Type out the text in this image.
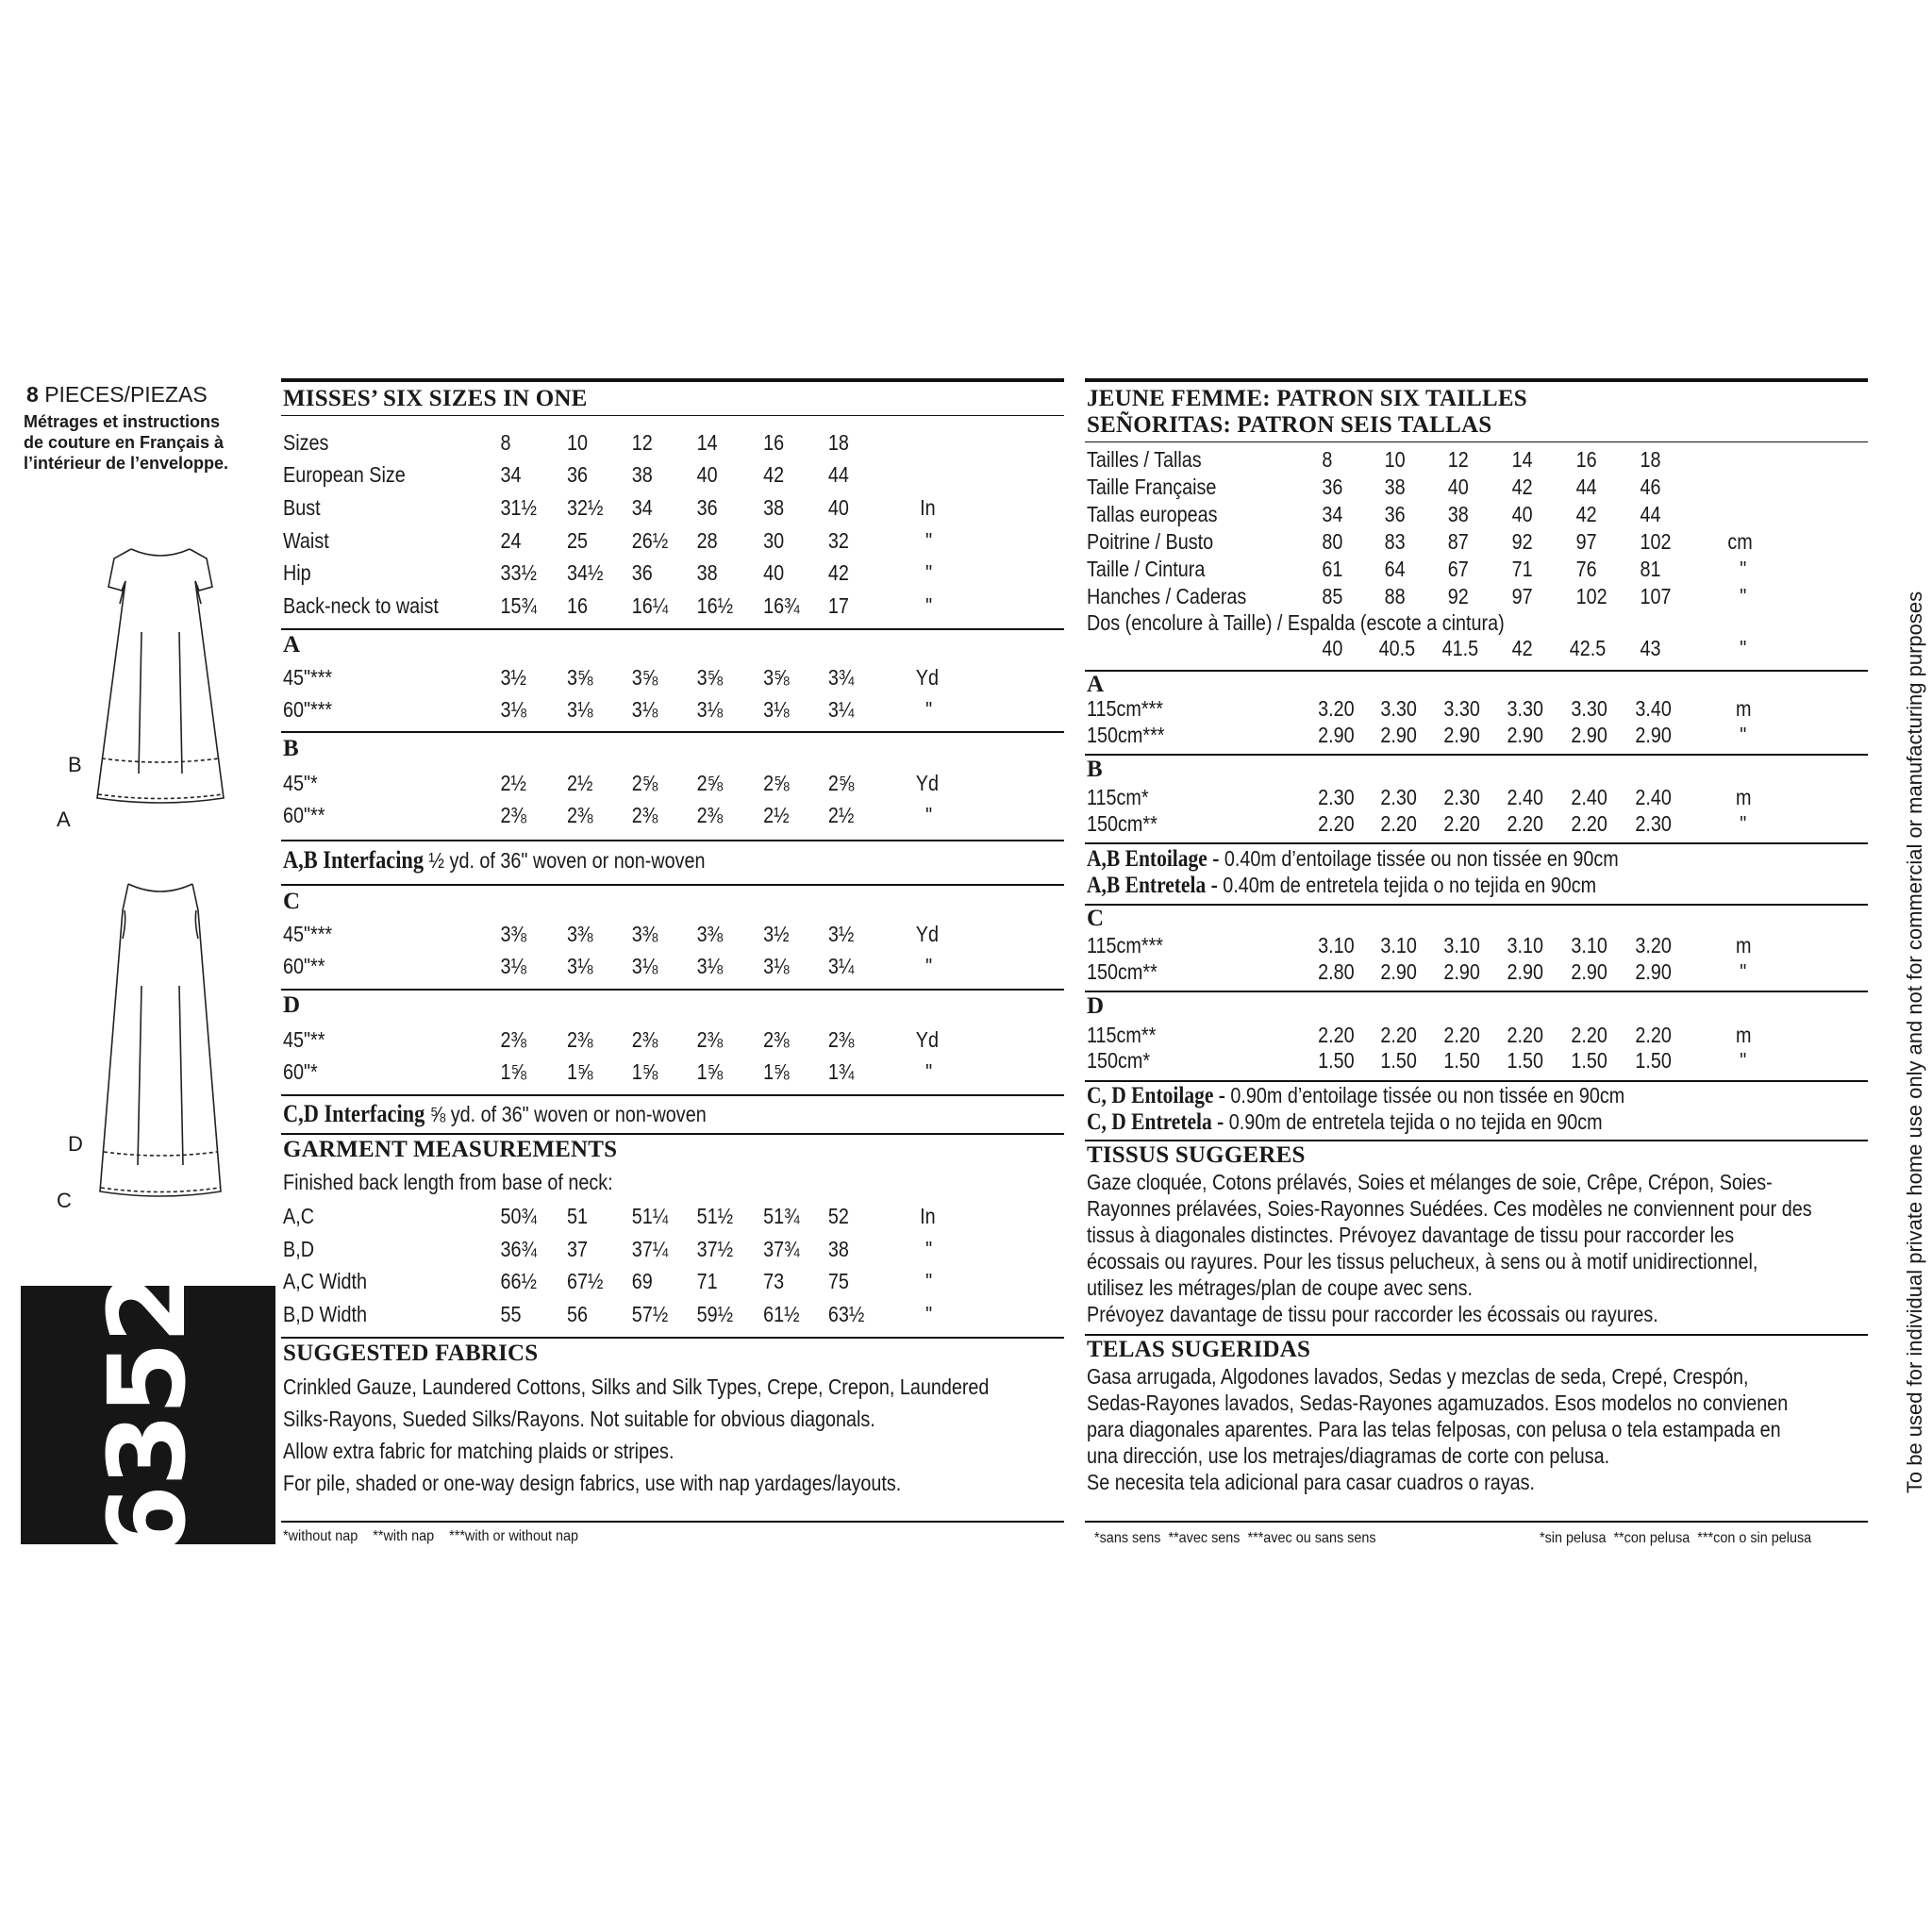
8 PIECES/PIEZAS
Métrages et instructions
de couture en Français à
l’intérieur de l’enveloppe.
B
A
D
C
6352	To be used for individual private home use only and not for commercial or manufacturing purposes
MISSES’ SIX SIZES IN ONE
Sizes	8	10 12 14 16 18
European Size	34 36 38 40 42 44
Bust	31½ 32½ 34 36 38 40	In
Waist	24 25 26½ 28 30 32	"
Hip	33½ 34½ 36 38 40 42	"
Back-neck to waist	15¾ 16 16¼ 16½ 16¾ 17	"
A
45"***	3½ 3⅝ 3⅝ 3⅝ 3⅝ 3¾	Yd
60"***	3⅛ 3⅛ 3⅛ 3⅛ 3⅛ 3¼	"
B
45"*	2½ 2½ 2⅝ 2⅝ 2⅝ 2⅝	Yd
60"**	2⅜ 2⅜ 2⅜ 2⅜ 2½ 2½	"
A,B Interfacing ½ yd. of 36" woven or non-woven
C
45"***	3⅜ 3⅜ 3⅜ 3⅜ 3½ 3½	Yd
60"**	3⅛ 3⅛ 3⅛ 3⅛ 3⅛ 3¼	"
D
45"**	2⅜ 2⅜ 2⅜ 2⅜ 2⅜ 2⅜	Yd
60"*	1⅝ 1⅝ 1⅝ 1⅝ 1⅝ 1¾	"
C,D Interfacing ⅝ yd. of 36" woven or non-woven
GARMENT MEASUREMENTS
Finished back length from base of neck:
A,C	50¾ 51 51¼ 51½ 51¾ 52	In
B,D	36¾ 37 37¼ 37½ 37¾ 38	"
A,C Width	66½ 67½ 69 71 73 75	"
B,D Width	55 56 57½ 59½ 61½ 63½	"
SUGGESTED FABRICS
Crinkled Gauze, Laundered Cottons, Silks and Silk Types, Crepe, Crepon, Laundered
Silks-Rayons, Sueded Silks/Rayons. Not suitable for obvious diagonals.
Allow extra fabric for matching plaids or stripes.
For pile, shaded or one-way design fabrics, use with nap yardages/layouts.
*without nap    **with nap    ***with or without nap
JEUNE FEMME: PATRON SIX TAILLES
SEÑORITAS: PATRON SEIS TALLAS
Tailles / Tallas	8 10 12 14 16 18
Taille Française	36 38 40 42 44 46
Tallas europeas	34 36 38 40 42 44
Poitrine / Busto	80 83 87 92 97 102	cm
Taille / Cintura	61 64 67 71 76 81	"
Hanches / Caderas	85 88 92 97 102 107	"
Dos (encolure à Taille) / Espalda (escote a cintura)
40 40.5 41.5 42 42.5 43	"
A
115cm***	3.20 3.30 3.30 3.30 3.30 3.40	m
150cm***	2.90 2.90 2.90 2.90 2.90 2.90	"
B
115cm*	2.30 2.30 2.30 2.40 2.40 2.40	m
150cm**	2.20 2.20 2.20 2.20 2.20 2.30	"
A,B Entoilage - 0.40m d’entoilage tissée ou non tissée en 90cm
A,B Entretela - 0.40m de entretela tejida o no tejida en 90cm
C
115cm***	3.10 3.10 3.10 3.10 3.10 3.20	m
150cm**	2.80 2.90 2.90 2.90 2.90 2.90	"
D
115cm**	2.20 2.20 2.20 2.20 2.20 2.20	m
150cm*	1.50 1.50 1.50 1.50 1.50 1.50	"
C, D Entoilage - 0.90m d’entoilage tissée ou non tissée en 90cm
C, D Entretela - 0.90m de entretela tejida o no tejida en 90cm
TISSUS SUGGERES
Gaze cloquée, Cotons prélavés, Soies et mélanges de soie, Crêpe, Crépon, Soies-
Rayonnes prélavées, Soies-Rayonnes Suédées. Ces modèles ne conviennent pour des
tissus à diagonales distinctes. Prévoyez davantage de tissu pour raccorder les
écossais ou rayures. Pour les tissus pelucheux, à sens ou à motif unidirectionnel,
utilisez les métrages/plan de coupe avec sens.
Prévoyez davantage de tissu pour raccorder les écossais ou rayures.
TELAS SUGERIDAS
Gasa arrugada, Algodones lavados, Sedas y mezclas de seda, Crepé, Crespón,
Sedas-Rayones lavados, Sedas-Rayones agamuzados. Esos modelos no convienen
para diagonales aparentes. Para las telas felposas, con pelusa o tela estampada en
una dirección, use los metrajes/diagramas de corte con pelusa.
Se necesita tela adicional para casar cuadros o rayas.
*sans sens  **avec sens  ***avec ou sans sens	*sin pelusa  **con pelusa  ***con o sin pelusa
